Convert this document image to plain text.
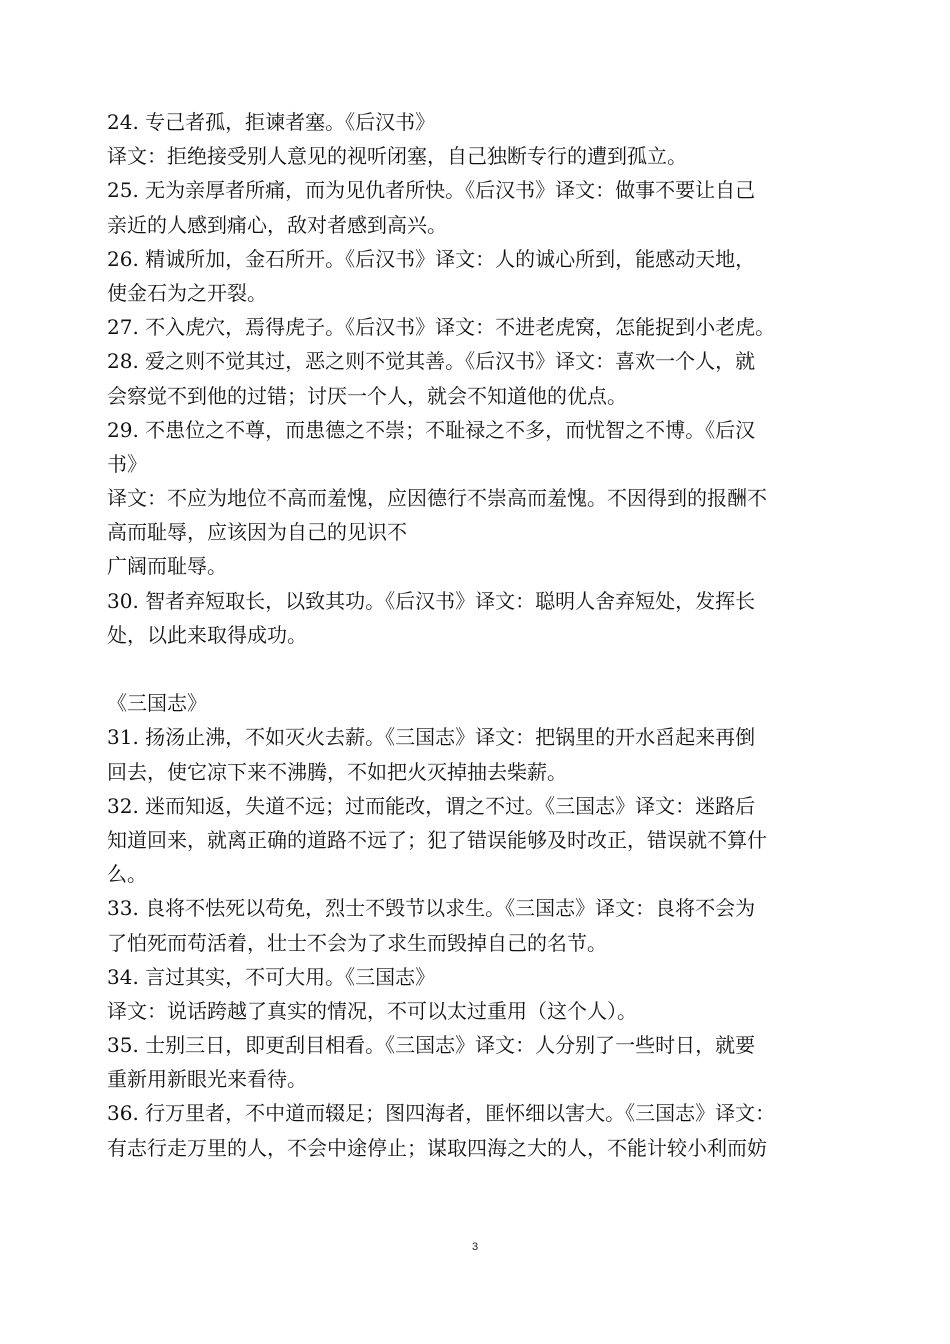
24. 专己者孤，拒谏者塞。《后汉书》
译文：拒绝接受别人意见的视听闭塞，自己独断专行的遭到孤立。
25. 无为亲厚者所痛，而为见仇者所快。《后汉书》译文：做事不要让自己
亲近的人感到痛心，敌对者感到高兴。
26. 精诚所加，金石所开。《后汉书》译文：人的诚心所到，能感动天地，
使金石为之开裂。
27. 不入虎穴，焉得虎子。《后汉书》译文：不进老虎窝，怎能捉到小老虎。
28. 爱之则不觉其过，恶之则不觉其善。《后汉书》译文：喜欢一个人，就
会察觉不到他的过错；讨厌一个人，就会不知道他的优点。
29. 不患位之不尊，而患德之不崇；不耻禄之不多，而忧智之不博。《后汉
书》
译文：不应为地位不高而羞愧，应因德行不崇高而羞愧。不因得到的报酬不
高而耻辱，应该因为自己的见识不
广阔而耻辱。
30. 智者弃短取长，以致其功。《后汉书》译文：聪明人舍弃短处，发挥长
处，以此来取得成功。
《三国志》
31. 扬汤止沸，不如灭火去薪。《三国志》译文：把锅里的开水舀起来再倒
回去，使它凉下来不沸腾，不如把火灭掉抽去柴薪。
32. 迷而知返，失道不远；过而能改，谓之不过。《三国志》译文：迷路后
知道回来，就离正确的道路不远了；犯了错误能够及时改正，错误就不算什
么。
33. 良将不怯死以苟免，烈士不毁节以求生。《三国志》译文：良将不会为
了怕死而苟活着，壮士不会为了求生而毁掉自己的名节。
34. 言过其实，不可大用。《三国志》
译文：说话跨越了真实的情况，不可以太过重用（这个人）。
35. 士别三日，即更刮目相看。《三国志》译文：人分别了一些时日，就要
重新用新眼光来看待。
36. 行万里者，不中道而辍足；图四海者，匪怀细以害大。《三国志》译文：
有志行走万里的人，不会中途停止；谋取四海之大的人，不能计较小利而妨
3
